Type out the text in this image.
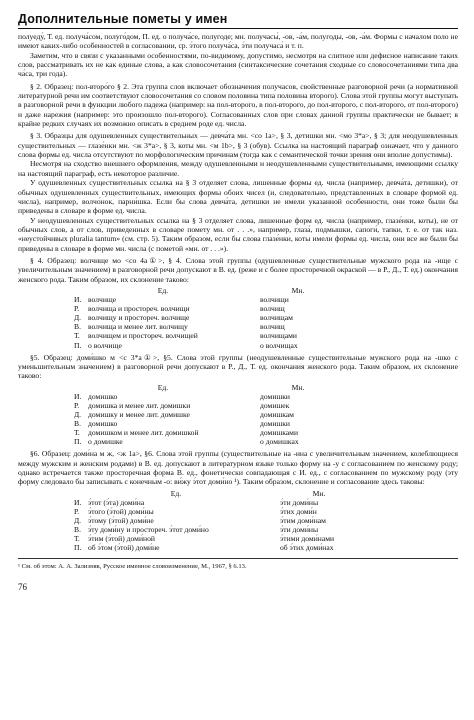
Дополнительные пометы у имен

полуеду́, Т. ед. получа́сом, полуго́дом, П. ед. о получа́се, полугоде; мн. получасы́, -ов, -а́м, полугоды, -ов, -а́м. Формы с началом поло не имеют каких-либо особенностей в согласовании, ср. э́того получа́са, э́ти получаса́ и т. п.

Заметим, что в связи с указанными особенностями, по-видимому, допустимо, несмотря на слитное или дефисное написание таких слов, рассматривать их не как единые слова, а как словосочетания (синтаксические сочетания сходные со словосочетаниями типа два ча́са, три года).

§ 2. Образец: пол-второ́го § 2. Эта группа слов включает обозначения получасов, свойственные разговорной речи (а нормативной литературной речи им соответствуют словосочетания со словом половина типа половина второго). Слова этой группы могут выступать в разговорной речи в функции любого падежа (например: на пол-второго, в пол-второго, до пол-второго, с пол-второго, от пол-второго) и даже нарежия (например: это произошло пол-второго). Согласованных слов при словах данной группы практически не бывает; в крайне редких случаях их возможно описать в среднем роде ед. числа.

§ 3. Образцы для одушевленных существительных — девча́та мн. <со 1а>, § 3, детишки мн. <мо 3*а>, § 3; для неодушевленных существительных — глазе́нки мн. <ж 3*а>, § 3, коты мн. <м 1b>, § 3 (обув). Ссылка на настоящий параграф означает, что у данного слова формы ед. числа отсутствуют по морфологическим причинам (тогда как с семантической точки зрения они вполне допустимы).

Несмотря на сходство внешнего оформления, между одушевленными и неодушевленными существительными, имеющими ссылку на настоящий параграф, есть некоторое различие.

У одушевленных существительных ссылка на § 3 отделяет слова, лишенные формы ед. числа (например, девча́та, детишки), от обычных одушевленных существительных, имеющих формы обоих чисел (и, следовательно, представленных в словаре формой ед. числа), например, волчо́нок, парни́шка. Если бы слова девча́та, детишки не имели указанной особенности, они тоже были бы приведены в словаре в форме ед. числа.

У неодушевленных существительных ссылка на § 3 отделяет слова, лишенные форм ед. числа (например, глазе́нки, коты), не от обычных слов, а от слов, приведенных в словаре помету мн. от . . .», например, глаза́, подмышки, сапоги́, тапки, т. е. от так наз. «неустойчивых pluralia tantum» (см. стр. 5). Таким образом, если бы слова глазе́нки, коты имели формы ед. числа, они все же были бы приведены в словаре в форме мн. числа (с пометой «мн. от . . .»).

§ 4. Образец: волчище мо <со 4а①>, § 4. Слова этой группы (одушевленные существительные мужского рода на -ище с увеличительным значением) в разговорной речи допускают в В. ед. (реже и с более просторечной окраской — в Р., Д., Т. ед.) окончания женского рода. Таким образом, их склонение таково:

	Ед.	Мн.
И.	волчище	волчищи
Р.	волчища и простореч. волчищи	волчищ
Д.	волчищу и простореч. волчище	волчищам
В.	волчища и менее лит. волчищу	волчищ
Т.	волчищем и простореч. волчищей	волчищами
П.	о волчище	о волчищах

§5. Образец: доми́шко м <с 3*а①>, §5. Слова этой группы (неодушевленные существительные мужского рода на -шко с уменьшительным значением) в разговорной речи допускают в Р., Д., Т. ед. окончания женского рода. Таким образом, их склонение таково:

	Ед.	Мн.
И.	домишко	домишки
Р.	домишка и менее лит. домишки	домишек
Д.	домишку и менее лит. домишке	домишкам
В.	домишко	домишки
Т.	домишком и менее лит. домишкой	домишками
П.	о домишке	о домишках

§6. Образец: доми́на м ж, <ж 1а>, §6. Слова этой группы (существительные на -ина с увеличительным значением, колеблющиеся между мужским и женским родами) в В. ед. допускают в литературном языке только форму на -у с согласованием по женскому роду; однако встречается также просторечная форма В. ед., фонетически совпадающая с И. ед., с согласованием по мужскому роду (эту форму следовало бы записывать с конечным -о: ви́жу э́тот доми́но ¹). Таким образом, склонение и согласование здесь таковы:

	Ед.	Мн.
И.	э́тот (э́та) доми́на	э́ти доми́ны
Р.	э́того (э́той) доми́ны	э́тих доми́н
Д.	э́тому (э́той) доми́не	э́тим доми́нам
В.	э́ту доми́ну и простореч. э́тот доми́но	э́ти доми́ны
Т.	э́тим (э́той) доми́ной	э́тими доми́нами
П.	об э́том (э́той) доми́не	об э́тих доми́нах

¹ См. об этом: А. А. Зализняк, Русское именное словоизменение, М., 1967, § 6.13.

76
